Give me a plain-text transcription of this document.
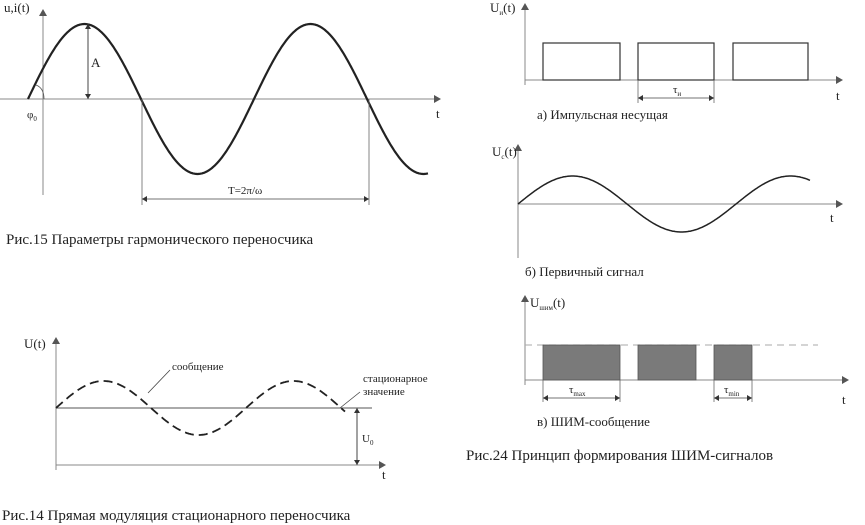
A
$\varphi_0$
T=2π/ω
u,i(t)
t
Рис.15 Параметры гармонического переносчика
$U_0$
сообщение
стационарное
значение
U(t)
t
Рис.14 Прямая модуляция стационарного переносчика
$\tau_и$
$U_и(t)$
t
а) Импульсная несущая
$U_c(t)$
t
б) Первичный сигнал
$\tau_{max}$	$\tau_{min}$
$U_{шим}(t)$
t
в) ШИМ-сообщение
Рис.24 Принцип формирования ШИМ-сигналов
